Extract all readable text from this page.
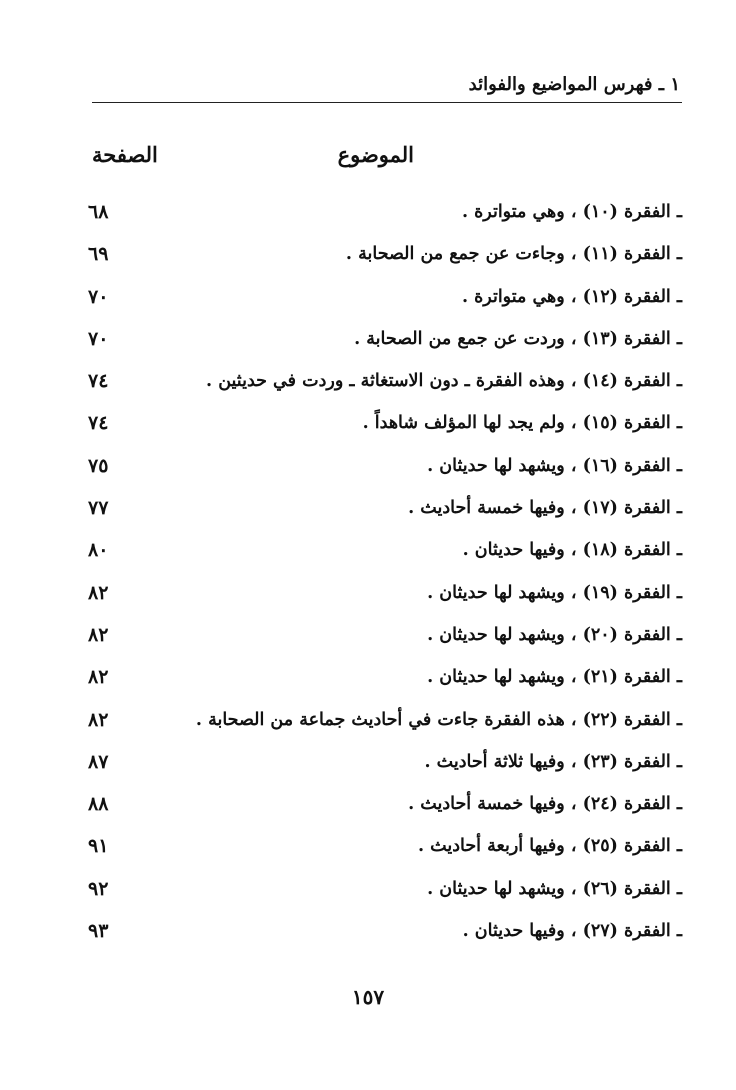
١ ـ فهرس المواضيع والفوائد
الموضوع
الصفحة
ـ الفقرة (١٠) ، وهي متواترة .
٦٨
ـ الفقرة (١١) ، وجاءت عن جمع من الصحابة .
٦٩
ـ الفقرة (١٢) ، وهي متواترة .
٧٠
ـ الفقرة (١٣) ، وردت عن جمع من الصحابة .
٧٠
ـ الفقرة (١٤) ، وهذه الفقرة ـ دون الاستغاثة ـ وردت في حديثين .
٧٤
ـ الفقرة (١٥) ، ولم يجد لها المؤلف شاهداً .
٧٤
ـ الفقرة (١٦) ، ويشهد لها حديثان .
٧٥
ـ الفقرة (١٧) ، وفيها خمسة أحاديث .
٧٧
ـ الفقرة (١٨) ، وفيها حديثان .
٨٠
ـ الفقرة (١٩) ، ويشهد لها حديثان .
٨٢
ـ الفقرة (٢٠) ، ويشهد لها حديثان .
٨٢
ـ الفقرة (٢١) ، ويشهد لها حديثان .
٨٢
ـ الفقرة (٢٢) ، هذه الفقرة جاءت في أحاديث جماعة من الصحابة .
٨٢
ـ الفقرة (٢٣) ، وفيها ثلاثة أحاديث .
٨٧
ـ الفقرة (٢٤) ، وفيها خمسة أحاديث .
٨٨
ـ الفقرة (٢٥) ، وفيها أربعة أحاديث .
٩١
ـ الفقرة (٢٦) ، ويشهد لها حديثان .
٩٢
ـ الفقرة (٢٧) ، وفيها حديثان .
٩٣
١٥٧
